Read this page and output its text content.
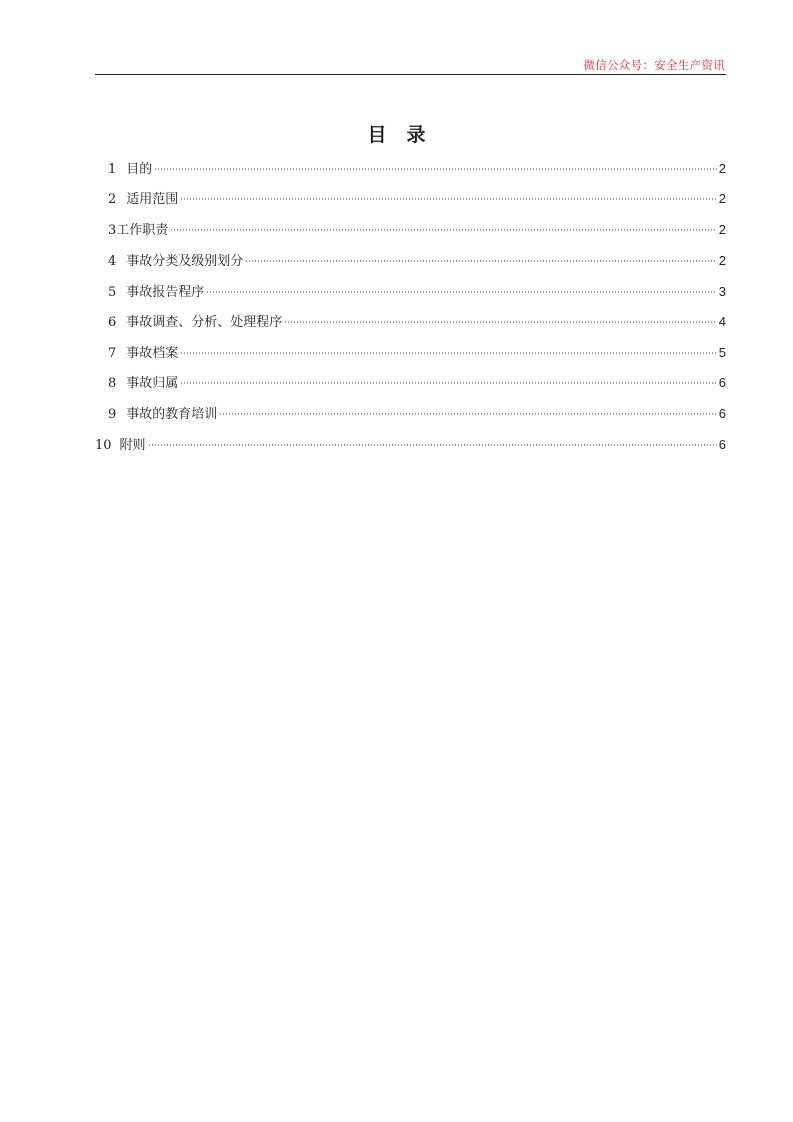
微信公众号：安全生产资讯
目 录
1 目的	2
2 适用范围	2
3 工作职责	2
4 事故分类及级别划分	2
5 事故报告程序	3
6 事故调查、分析、处理程序	4
7 事故档案	5
8 事故归属	6
9 事故的教育培训	6
10 附则	6
